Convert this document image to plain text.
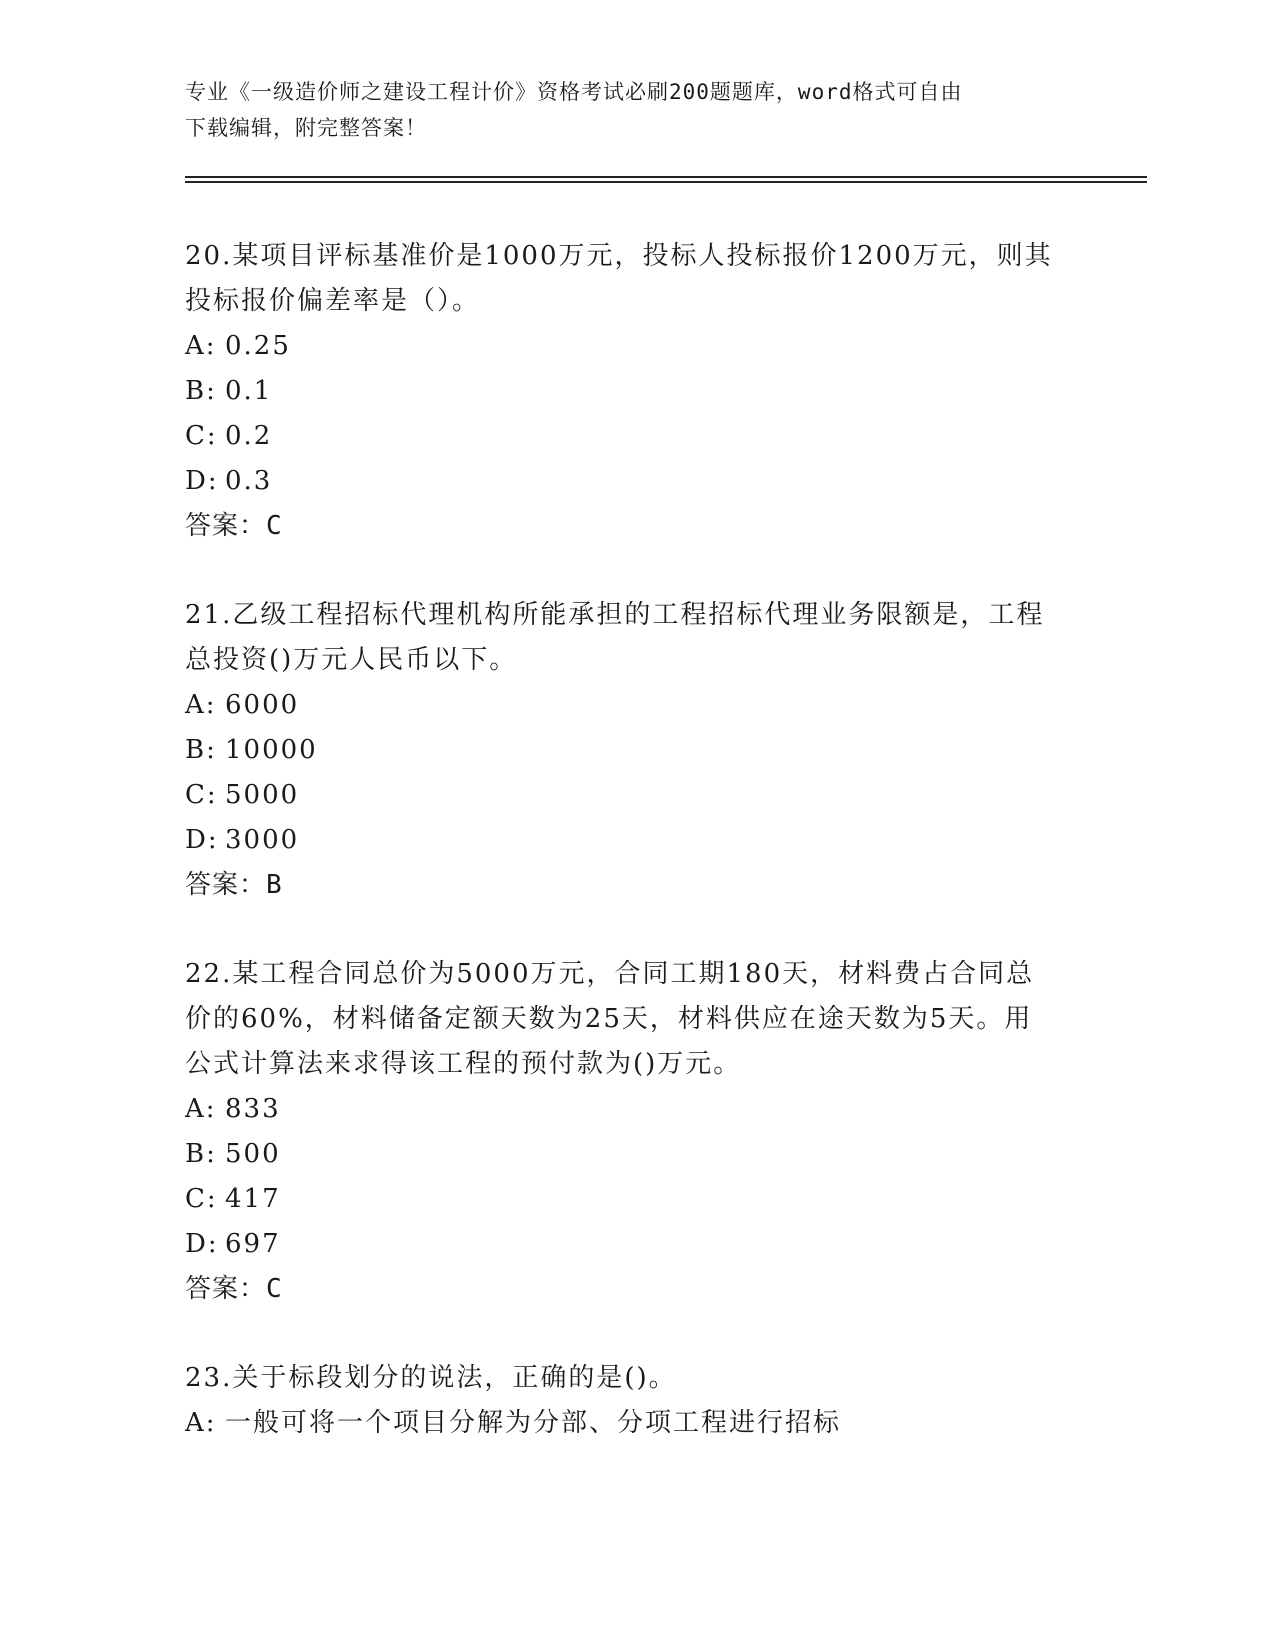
专业《一级造价师之建设工程计价》资格考试必刷200题题库，word格式可自由
下载编辑，附完整答案！
20.某项目评标基准价是1000万元，投标人投标报价1200万元，则其
投标报价偏差率是（）。
A: 0.25
B: 0.1
C: 0.2
D: 0.3
答案：C
21.乙级工程招标代理机构所能承担的工程招标代理业务限额是，工程
总投资()万元人民币以下。
A: 6000
B: 10000
C: 5000
D: 3000
答案：B
22.某工程合同总价为5000万元，合同工期180天，材料费占合同总
价的60%，材料储备定额天数为25天，材料供应在途天数为5天。用
公式计算法来求得该工程的预付款为()万元。
A: 833
B: 500
C: 417
D: 697
答案：C
23.关于标段划分的说法，正确的是()。
A: 一般可将一个项目分解为分部、分项工程进行招标
